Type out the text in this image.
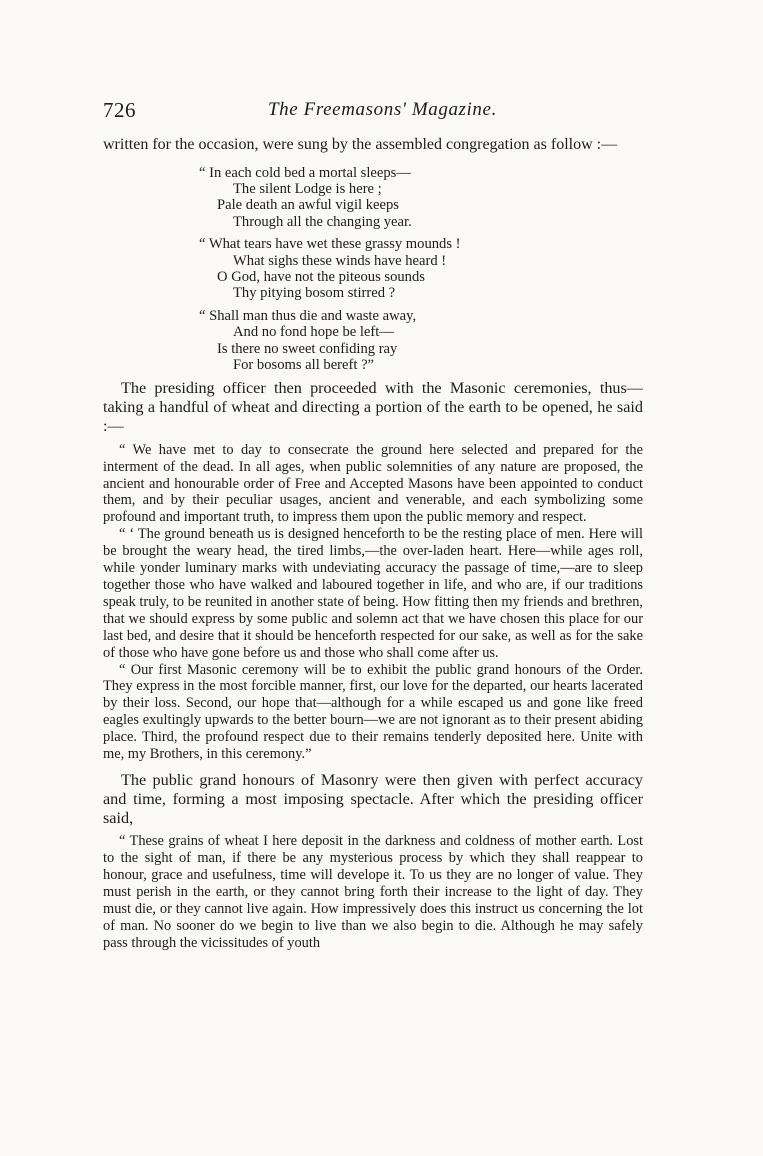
726	The Freemasons' Magazine.

written for the occasion, were sung by the assembled congregation as follow :—

“ In each cold bed a mortal sleeps—
The silent Lodge is here ;
Pale death an awful vigil keeps
Through all the changing year.
“ What tears have wet these grassy mounds !
What sighs these winds have heard !
O God, have not the piteous sounds
Thy pitying bosom stirred ?
“ Shall man thus die and waste away,
And no fond hope be left—
Is there no sweet confiding ray
For bosoms all bereft ?”

The presiding officer then proceeded with the Masonic ceremonies, thus—taking a handful of wheat and directing a portion of the earth to be opened, he said :—

“ We have met to day to consecrate the ground here selected and prepared for the interment of the dead. In all ages, when public solemnities of any nature are proposed, the ancient and honourable order of Free and Accepted Masons have been appointed to conduct them, and by their peculiar usages, ancient and venerable, and each symbolizing some profound and important truth, to impress them upon the public memory and respect.

“ ‘ The ground beneath us is designed henceforth to be the resting place of men. Here will be brought the weary head, the tired limbs,—the over-laden heart. Here—while ages roll, while yonder luminary marks with undeviating accuracy the passage of time,—are to sleep together those who have walked and laboured together in life, and who are, if our traditions speak truly, to be reunited in another state of being. How fitting then my friends and brethren, that we should express by some public and solemn act that we have chosen this place for our last bed, and desire that it should be henceforth respected for our sake, as well as for the sake of those who have gone before us and those who shall come after us.

“ Our first Masonic ceremony will be to exhibit the public grand honours of the Order. They express in the most forcible manner, first, our love for the departed, our hearts lacerated by their loss. Second, our hope that—although for a while escaped us and gone like freed eagles exultingly upwards to the better bourn—we are not ignorant as to their present abiding place. Third, the profound respect due to their remains tenderly deposited here. Unite with me, my Brothers, in this ceremony.”

The public grand honours of Masonry were then given with perfect accuracy and time, forming a most imposing spectacle. After which the presiding officer said,

“ These grains of wheat I here deposit in the darkness and coldness of mother earth. Lost to the sight of man, if there be any mysterious process by which they shall reappear to honour, grace and usefulness, time will develope it. To us they are no longer of value. They must perish in the earth, or they cannot bring forth their increase to the light of day. They must die, or they cannot live again. How impressively does this instruct us concerning the lot of man. No sooner do we begin to live than we also begin to die. Although he may safely pass through the vicissitudes of youth
